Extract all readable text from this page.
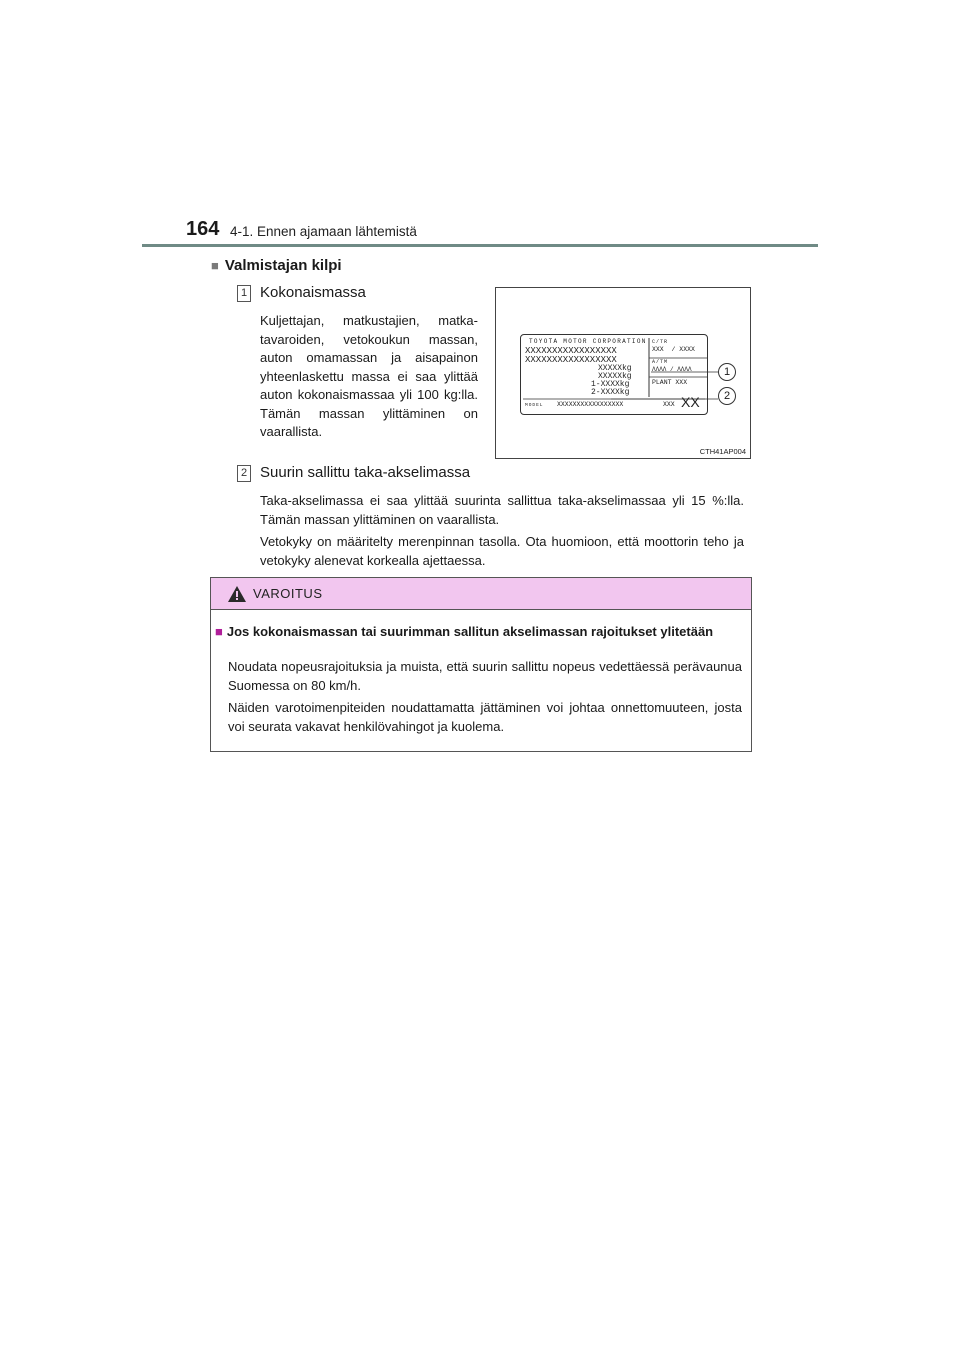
164 4-1. Ennen ajamaan lähtemistä
■ Valmistajan kilpi
1 Kokonaismassa
Kuljettajan, matkustajien, matkatavaroiden, vetokoukun massan, auton omamassan ja aisapainon yhteenlaskettu massa ei saa ylittää auton kokonaismassaa yli 100 kg:lla. Tämän massan ylittäminen on vaarallista.
TOYOTA MOTOR CORPORATION
XXXXXXXXXXXXXXXXX
XXXXXXXXXXXXXXXXX
XXXXXkg
XXXXXkg
1-XXXXkg
2-XXXXkg
C/TR
XXX  / XXXX
A/TM
ΛΛΛΛ / ΛΛΛΛ
PLANT XXX
MODEL XXXXXXXXXXXXXXXXX	XXX XX
1
2
CTH41AP004
2 Suurin sallittu taka-akselimassa
Taka-akselimassa ei saa ylittää suurinta sallittua taka-akselimassaa yli 15 %:lla. Tämän massan ylittäminen on vaarallista.
Vetokyky on määritelty merenpinnan tasolla. Ota huomioon, että moottorin teho ja vetokyky alenevat korkealla ajettaessa.
VAROITUS
■ Jos kokonaismassan tai suurimman sallitun akselimassan rajoitukset ylitetään
Noudata nopeusrajoituksia ja muista, että suurin sallittu nopeus vedettäessä perävaunua Suomessa on 80 km/h.
Näiden varotoimenpiteiden noudattamatta jättäminen voi johtaa onnettomuuteen, josta voi seurata vakavat henkilövahingot ja kuolema.
